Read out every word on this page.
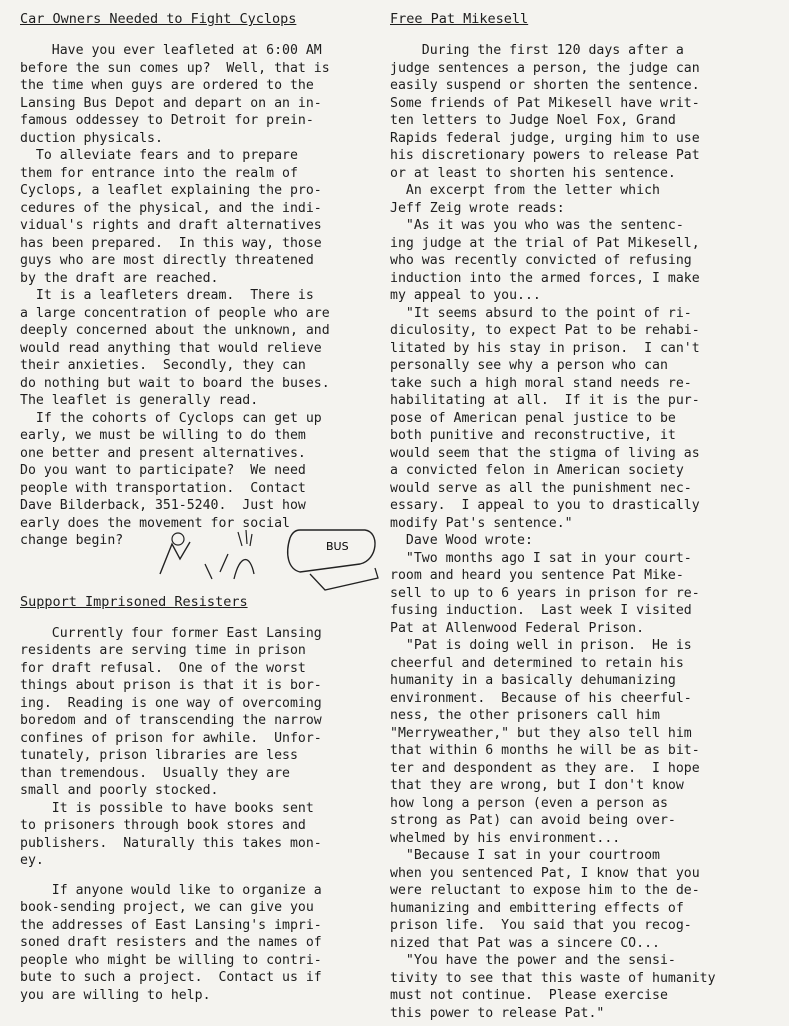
Car Owners Needed to Fight Cyclops
Have you ever leafleted at 6:00 AM
before the sun comes up?  Well, that is
the time when guys are ordered to the
Lansing Bus Depot and depart on an in-
famous oddessey to Detroit for prein-
duction physicals.
To alleviate fears and to prepare
them for entrance into the realm of
Cyclops, a leaflet explaining the pro-
cedures of the physical, and the indi-
vidual's rights and draft alternatives
has been prepared.  In this way, those
guys who are most directly threatened
by the draft are reached.
It is a leafleters dream.  There is
a large concentration of people who are
deeply concerned about the unknown, and
would read anything that would relieve
their anxieties.  Secondly, they can
do nothing but wait to board the buses.
The leaflet is generally read.
If the cohorts of Cyclops can get up
early, we must be willing to do them
one better and present alternatives.
Do you want to participate?  We need
people with transportation.  Contact
Dave Bilderback, 351-5240.  Just how
early does the movement for social
change begin?
Support Imprisoned Resisters
Currently four former East Lansing
residents are serving time in prison
for draft refusal.  One of the worst
things about prison is that it is bor-
ing.  Reading is one way of overcoming
boredom and of transcending the narrow
confines of prison for awhile.  Unfor-
tunately, prison libraries are less
than tremendous.  Usually they are
small and poorly stocked.
It is possible to have books sent
to prisoners through book stores and
publishers.  Naturally this takes mon-
ey.
If anyone would like to organize a
book-sending project, we can give you
the addresses of East Lansing's impri-
soned draft resisters and the names of
people who might be willing to contri-
bute to such a project.  Contact us if
you are willing to help.
BUS
Free Pat Mikesell
During the first 120 days after a
judge sentences a person, the judge can
easily suspend or shorten the sentence.
Some friends of Pat Mikesell have writ-
ten letters to Judge Noel Fox, Grand
Rapids federal judge, urging him to use
his discretionary powers to release Pat
or at least to shorten his sentence.
An excerpt from the letter which
Jeff Zeig wrote reads:
"As it was you who was the sentenc-
ing judge at the trial of Pat Mikesell,
who was recently convicted of refusing
induction into the armed forces, I make
my appeal to you...
"It seems absurd to the point of ri-
diculosity, to expect Pat to be rehabi-
litated by his stay in prison.  I can't
personally see why a person who can
take such a high moral stand needs re-
habilitating at all.  If it is the pur-
pose of American penal justice to be
both punitive and reconstructive, it
would seem that the stigma of living as
a convicted felon in American society
would serve as all the punishment nec-
essary.  I appeal to you to drastically
modify Pat's sentence."
Dave Wood wrote:
"Two months ago I sat in your court-
room and heard you sentence Pat Mike-
sell to up to 6 years in prison for re-
fusing induction.  Last week I visited
Pat at Allenwood Federal Prison.
"Pat is doing well in prison.  He is
cheerful and determined to retain his
humanity in a basically dehumanizing
environment.  Because of his cheerful-
ness, the other prisoners call him
"Merryweather," but they also tell him
that within 6 months he will be as bit-
ter and despondent as they are.  I hope
that they are wrong, but I don't know
how long a person (even a person as
strong as Pat) can avoid being over-
whelmed by his environment...
"Because I sat in your courtroom
when you sentenced Pat, I know that you
were reluctant to expose him to the de-
humanizing and embittering effects of
prison life.  You said that you recog-
nized that Pat was a sincere CO...
"You have the power and the sensi-
tivity to see that this waste of humanity
must not continue.  Please exercise
this power to release Pat."
